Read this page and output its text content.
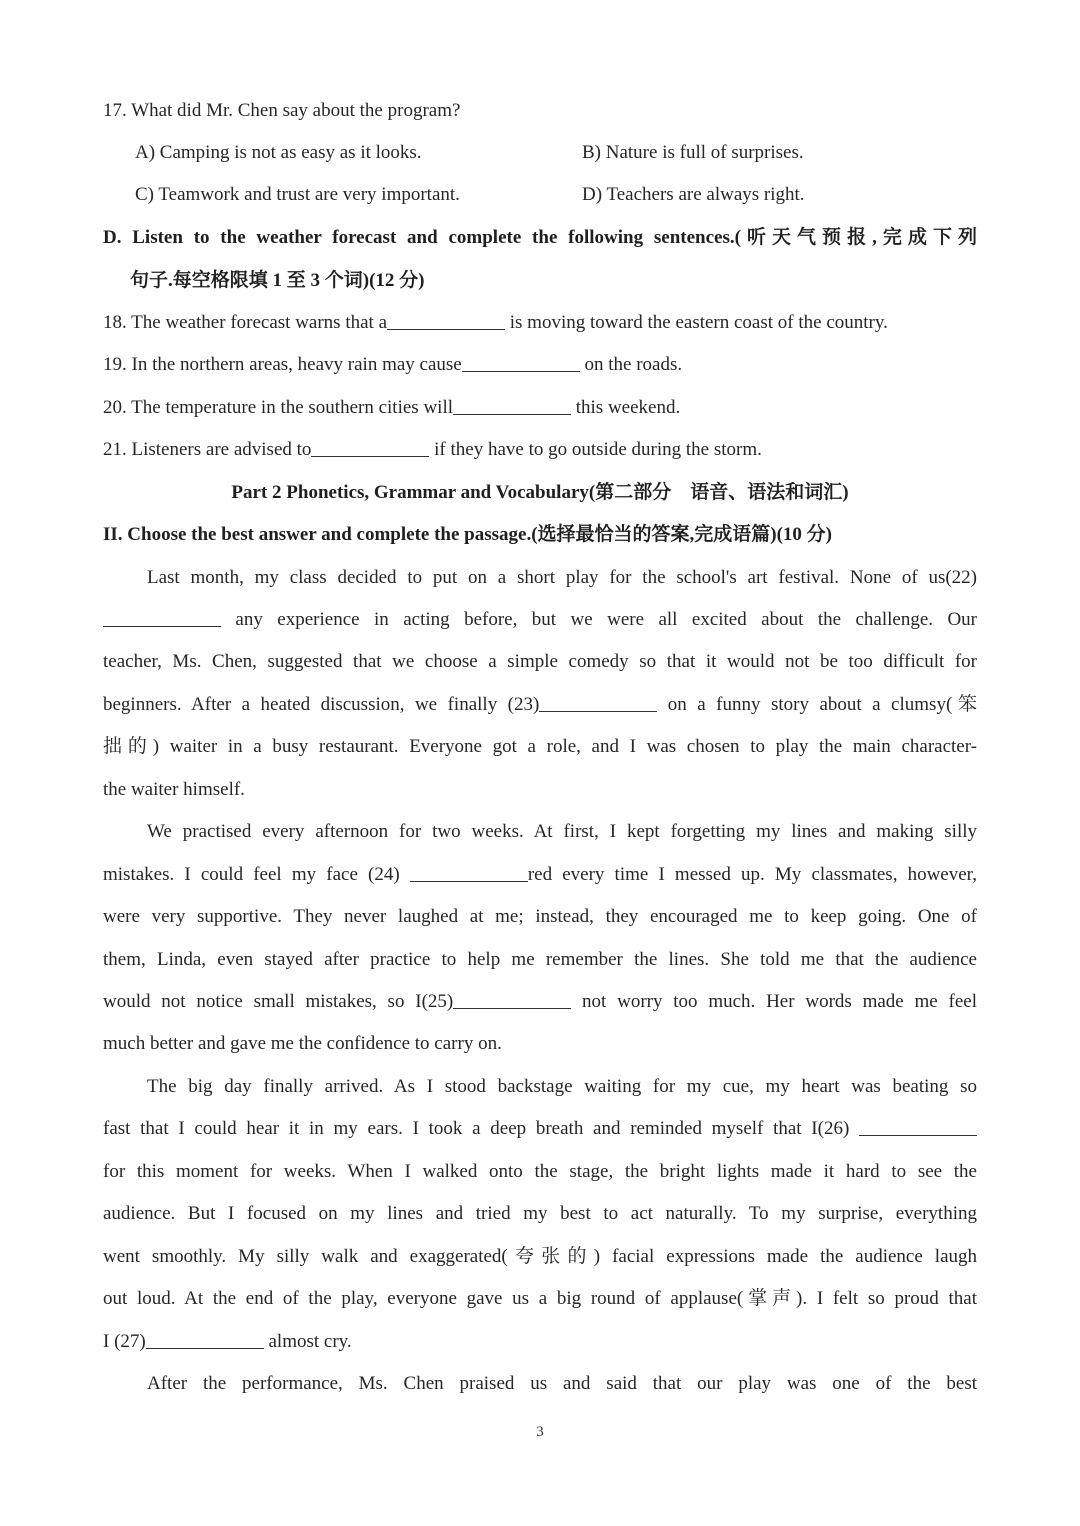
17. What did Mr. Chen say about the program?
A) Camping is not as easy as it looks.	B) Nature is full of surprises.
C) Teamwork and trust are very important.	D) Teachers are always right.
D. Listen to the weather forecast and complete the following sentences.(听天气预报,完成下列
句子.每空格限填 1 至 3 个词)(12 分)
18. The weather forecast warns that a	is moving toward the eastern coast of the country.
19. In the northern areas, heavy rain may cause	on the roads.
20. The temperature in the southern cities will	this weekend.
21. Listeners are advised to	if they have to go outside during the storm.
Part 2 Phonetics, Grammar and Vocabulary(第二部分　语音、语法和词汇)
II. Choose the best answer and complete the passage.(选择最恰当的答案,完成语篇)(10 分)
Last month, my class decided to put on a short play for the school's art festival. None of us(22)
any experience in acting before, but we were all excited about the challenge. Our
teacher, Ms. Chen, suggested that we choose a simple comedy so that it would not be too difficult for
beginners. After a heated discussion, we finally (23)	on a funny story about a clumsy(笨
拙的) waiter in a busy restaurant. Everyone got a role, and I was chosen to play the main character-
the waiter himself.
We practised every afternoon for two weeks. At first, I kept forgetting my lines and making silly
mistakes. I could feel my face (24)	red every time I messed up. My classmates, however,
were very supportive. They never laughed at me; instead, they encouraged me to keep going. One of
them, Linda, even stayed after practice to help me remember the lines. She told me that the audience
would not notice small mistakes, so I(25)	not worry too much. Her words made me feel
much better and gave me the confidence to carry on.
The big day finally arrived. As I stood backstage waiting for my cue, my heart was beating so
fast that I could hear it in my ears. I took a deep breath and reminded myself that I(26)
for this moment for weeks. When I walked onto the stage, the bright lights made it hard to see the
audience. But I focused on my lines and tried my best to act naturally. To my surprise, everything
went smoothly. My silly walk and exaggerated(夸张的) facial expressions made the audience laugh
out loud. At the end of the play, everyone gave us a big round of applause(掌声). I felt so proud that
I (27)	almost cry.
After the performance, Ms. Chen praised us and said that our play was one of the best
3
